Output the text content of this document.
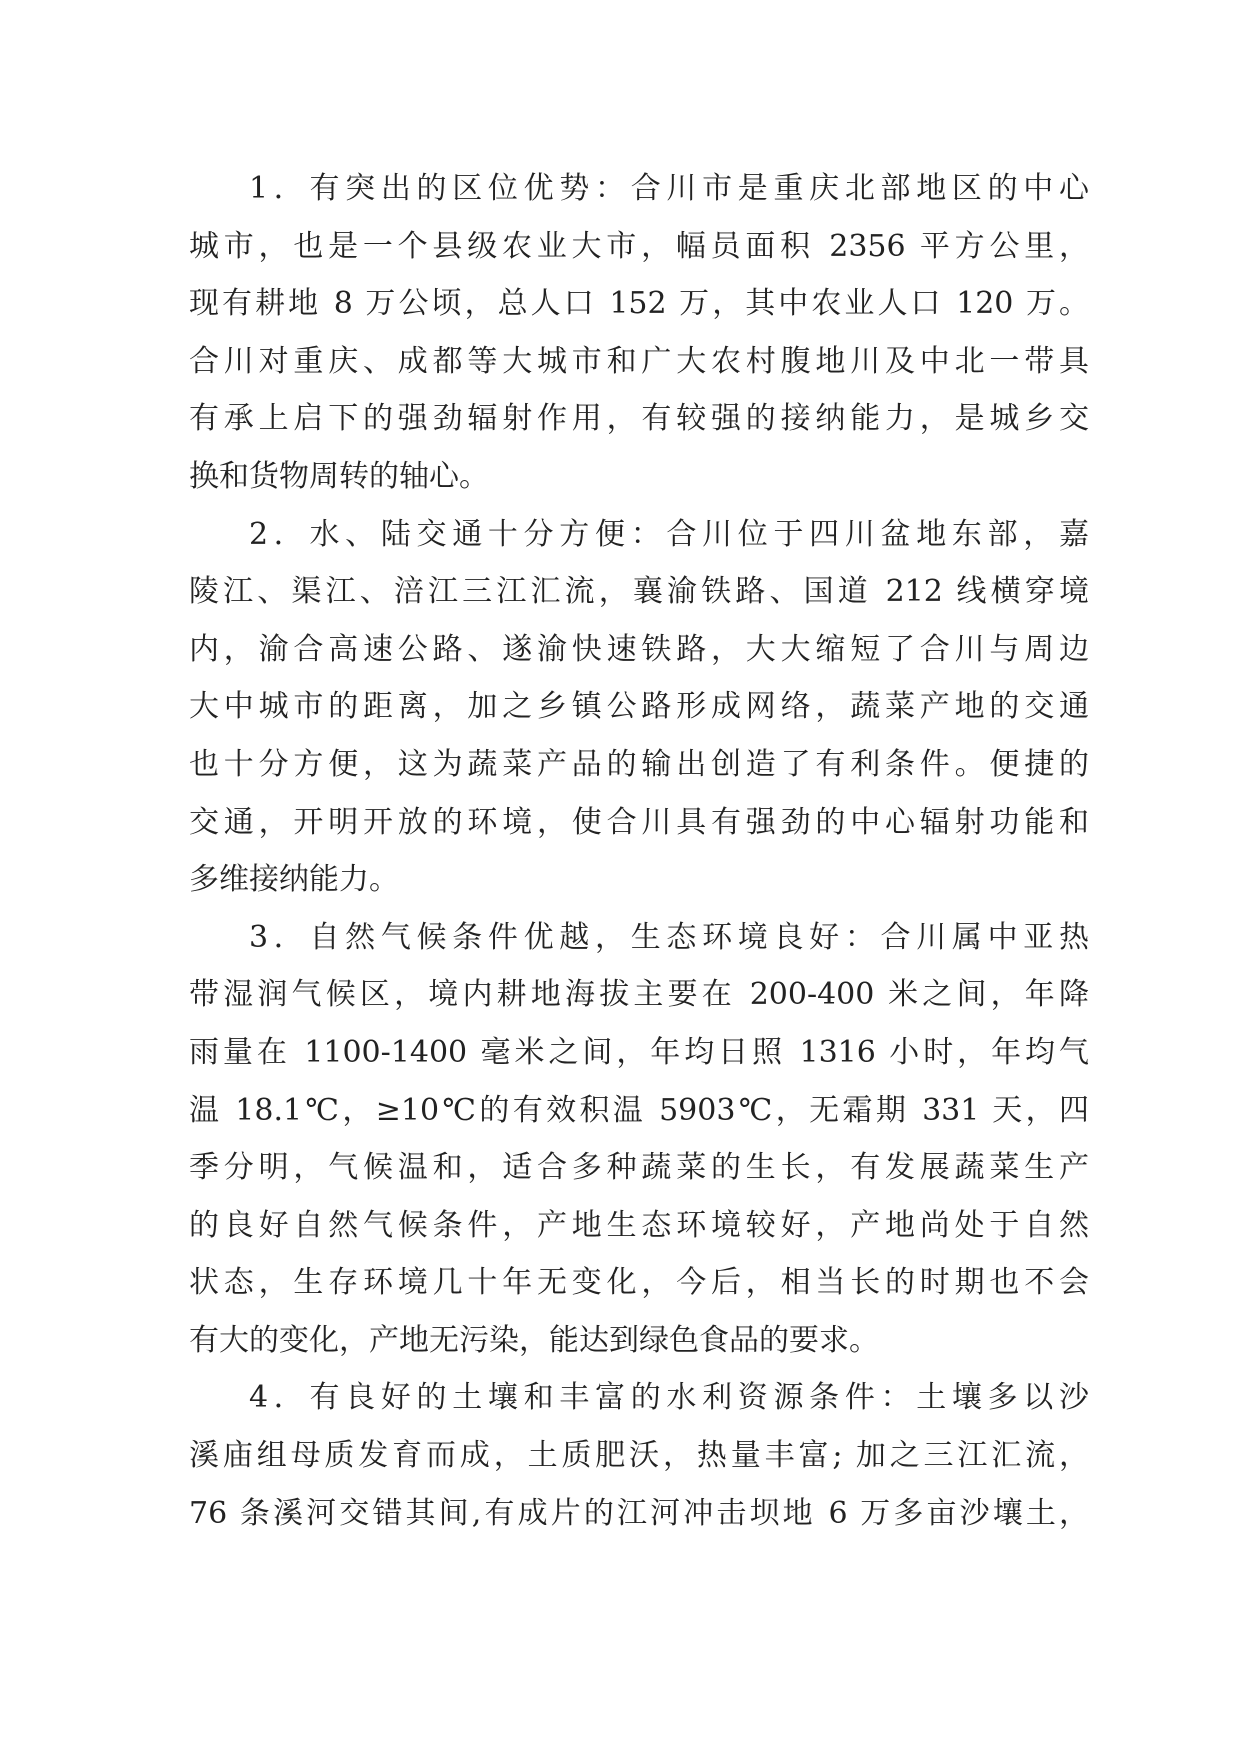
1．有突出的区位优势：合川市是重庆北部地区的中心
城市，也是一个县级农业大市，幅员面积 2356 平方公里，
现有耕地 8 万公顷，总人口 152 万，其中农业人口 120 万。
合川对重庆、成都等大城市和广大农村腹地川及中北一带具
有承上启下的强劲辐射作用，有较强的接纳能力，是城乡交
换和货物周转的轴心。
2．水、陆交通十分方便：合川位于四川盆地东部，嘉
陵江、渠江、涪江三江汇流，襄渝铁路、国道 212 线横穿境
内，渝合高速公路、遂渝快速铁路，大大缩短了合川与周边
大中城市的距离，加之乡镇公路形成网络，蔬菜产地的交通
也十分方便，这为蔬菜产品的输出创造了有利条件。便捷的
交通，开明开放的环境，使合川具有强劲的中心辐射功能和
多维接纳能力。
3．自然气候条件优越，生态环境良好：合川属中亚热
带湿润气候区，境内耕地海拔主要在 200-400 米之间，年降
雨量在 1100-1400 毫米之间，年均日照 1316 小时，年均气
温 18.1℃，≥10℃的有效积温 5903℃，无霜期 331 天，四
季分明，气候温和，适合多种蔬菜的生长，有发展蔬菜生产
的良好自然气候条件，产地生态环境较好，产地尚处于自然
状态，生存环境几十年无变化，今后，相当长的时期也不会
有大的变化，产地无污染，能达到绿色食品的要求。
4．有良好的土壤和丰富的水利资源条件：土壤多以沙
溪庙组母质发育而成，土质肥沃，热量丰富; 加之三江汇流，
76 条溪河交错其间,有成片的江河冲击坝地 6 万多亩沙壤土，
